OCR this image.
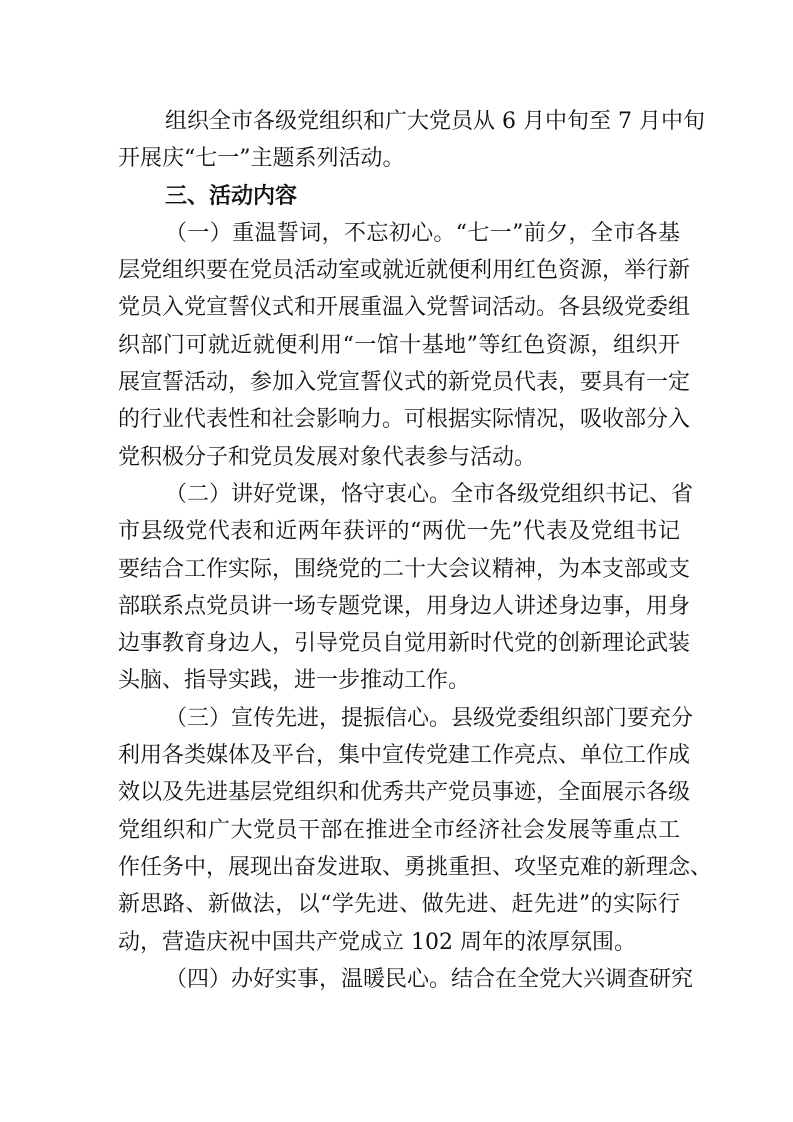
组织全市各级党组织和广大党员从 6 月中旬至 7 月中旬
开展庆“七一”主题系列活动。
三、活动内容
（一）重温誓词，不忘初心。“七一”前夕，全市各基
层党组织要在党员活动室或就近就便利用红色资源，举行新
党员入党宣誓仪式和开展重温入党誓词活动。各县级党委组
织部门可就近就便利用“一馆十基地”等红色资源，组织开
展宣誓活动，参加入党宣誓仪式的新党员代表，要具有一定
的行业代表性和社会影响力。可根据实际情况，吸收部分入
党积极分子和党员发展对象代表参与活动。
（二）讲好党课，恪守衷心。全市各级党组织书记、省
市县级党代表和近两年获评的“两优一先”代表及党组书记
要结合工作实际，围绕党的二十大会议精神，为本支部或支
部联系点党员讲一场专题党课，用身边人讲述身边事，用身
边事教育身边人，引导党员自觉用新时代党的创新理论武装
头脑、指导实践，进一步推动工作。
（三）宣传先进，提振信心。县级党委组织部门要充分
利用各类媒体及平台，集中宣传党建工作亮点、单位工作成
效以及先进基层党组织和优秀共产党员事迹，全面展示各级
党组织和广大党员干部在推进全市经济社会发展等重点工
作任务中，展现出奋发进取、勇挑重担、攻坚克难的新理念、
新思路、新做法，以“学先进、做先进、赶先进”的实际行
动，营造庆祝中国共产党成立 102 周年的浓厚氛围。
（四）办好实事，温暖民心。结合在全党大兴调查研究
